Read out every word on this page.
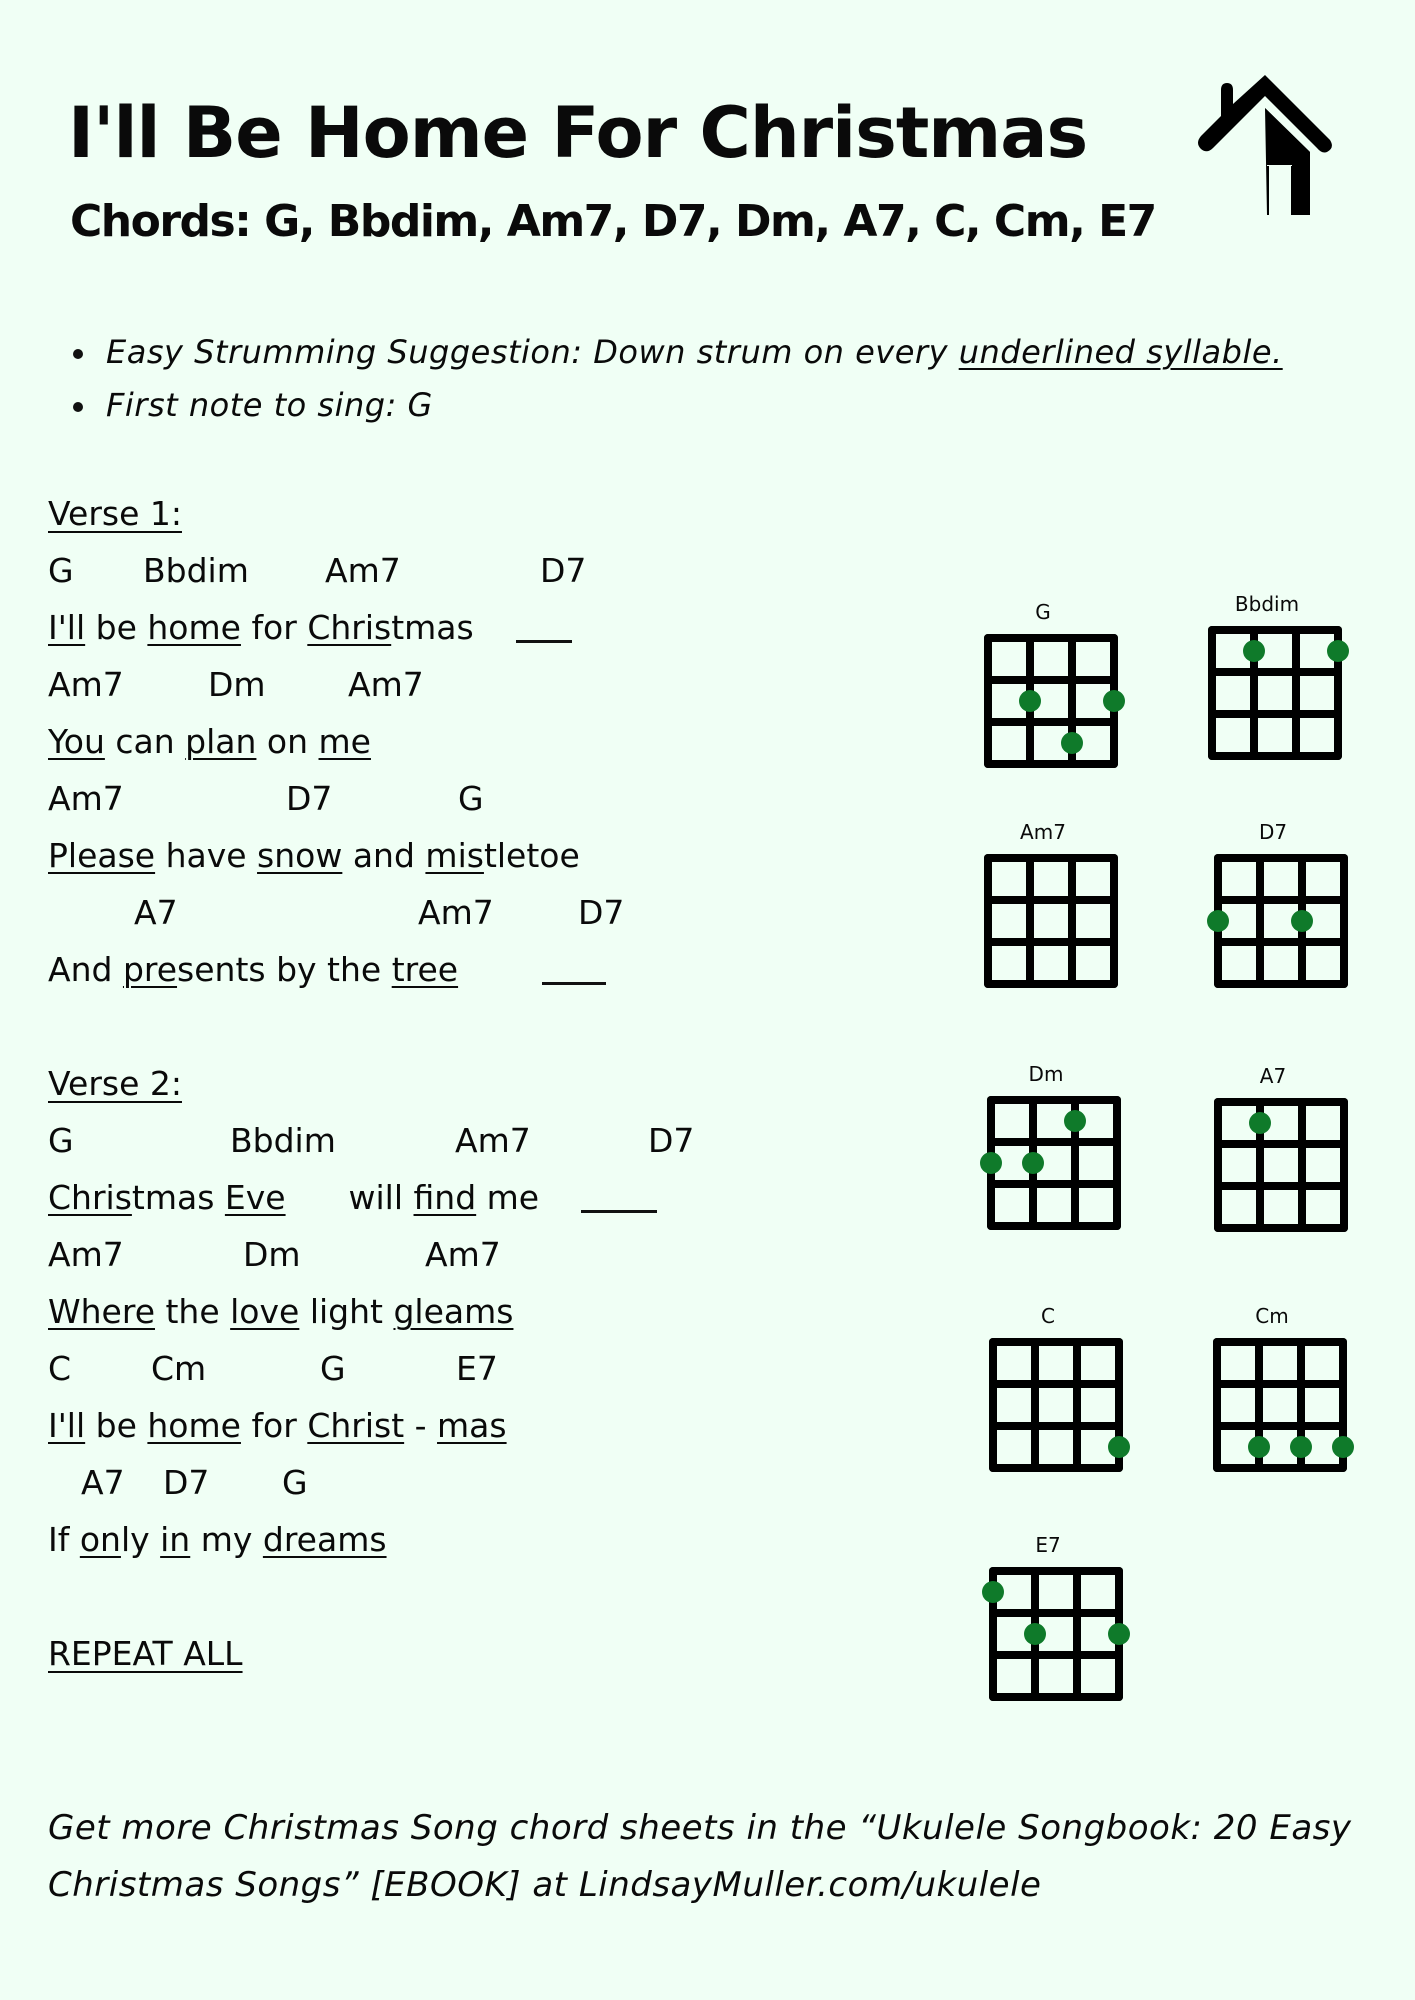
I'll Be Home For Christmas
Chords: G, Bbdim, Am7, D7, Dm, A7, C, Cm, E7
Easy Strumming Suggestion: Down strum on every underlined syllable.
First note to sing: G
Verse 1:
G Bbdim Am7	D7
I'll be home for Christmas
Am7	Dm Am7
You can plan on me
Am7	D7	G
Please have snow and mistletoe
A7	Am7	D7
And presents by the tree
Verse 2:
G	Bbdim	Am7	D7
Christmas Eve      will find me
Am7	Dm	Am7
Where the love light gleams
C Cm	G	E7
I'll be home for Christ - mas
A7 D7 G
If only in my dreams
REPEAT ALL
G	Bbdim
Am7	D7
Dm	A7
C	Cm
E7
Get more Christmas Song chord sheets in the “Ukulele Songbook: 20 Easy
Christmas Songs” [EBOOK] at LindsayMuller.com/ukulele
